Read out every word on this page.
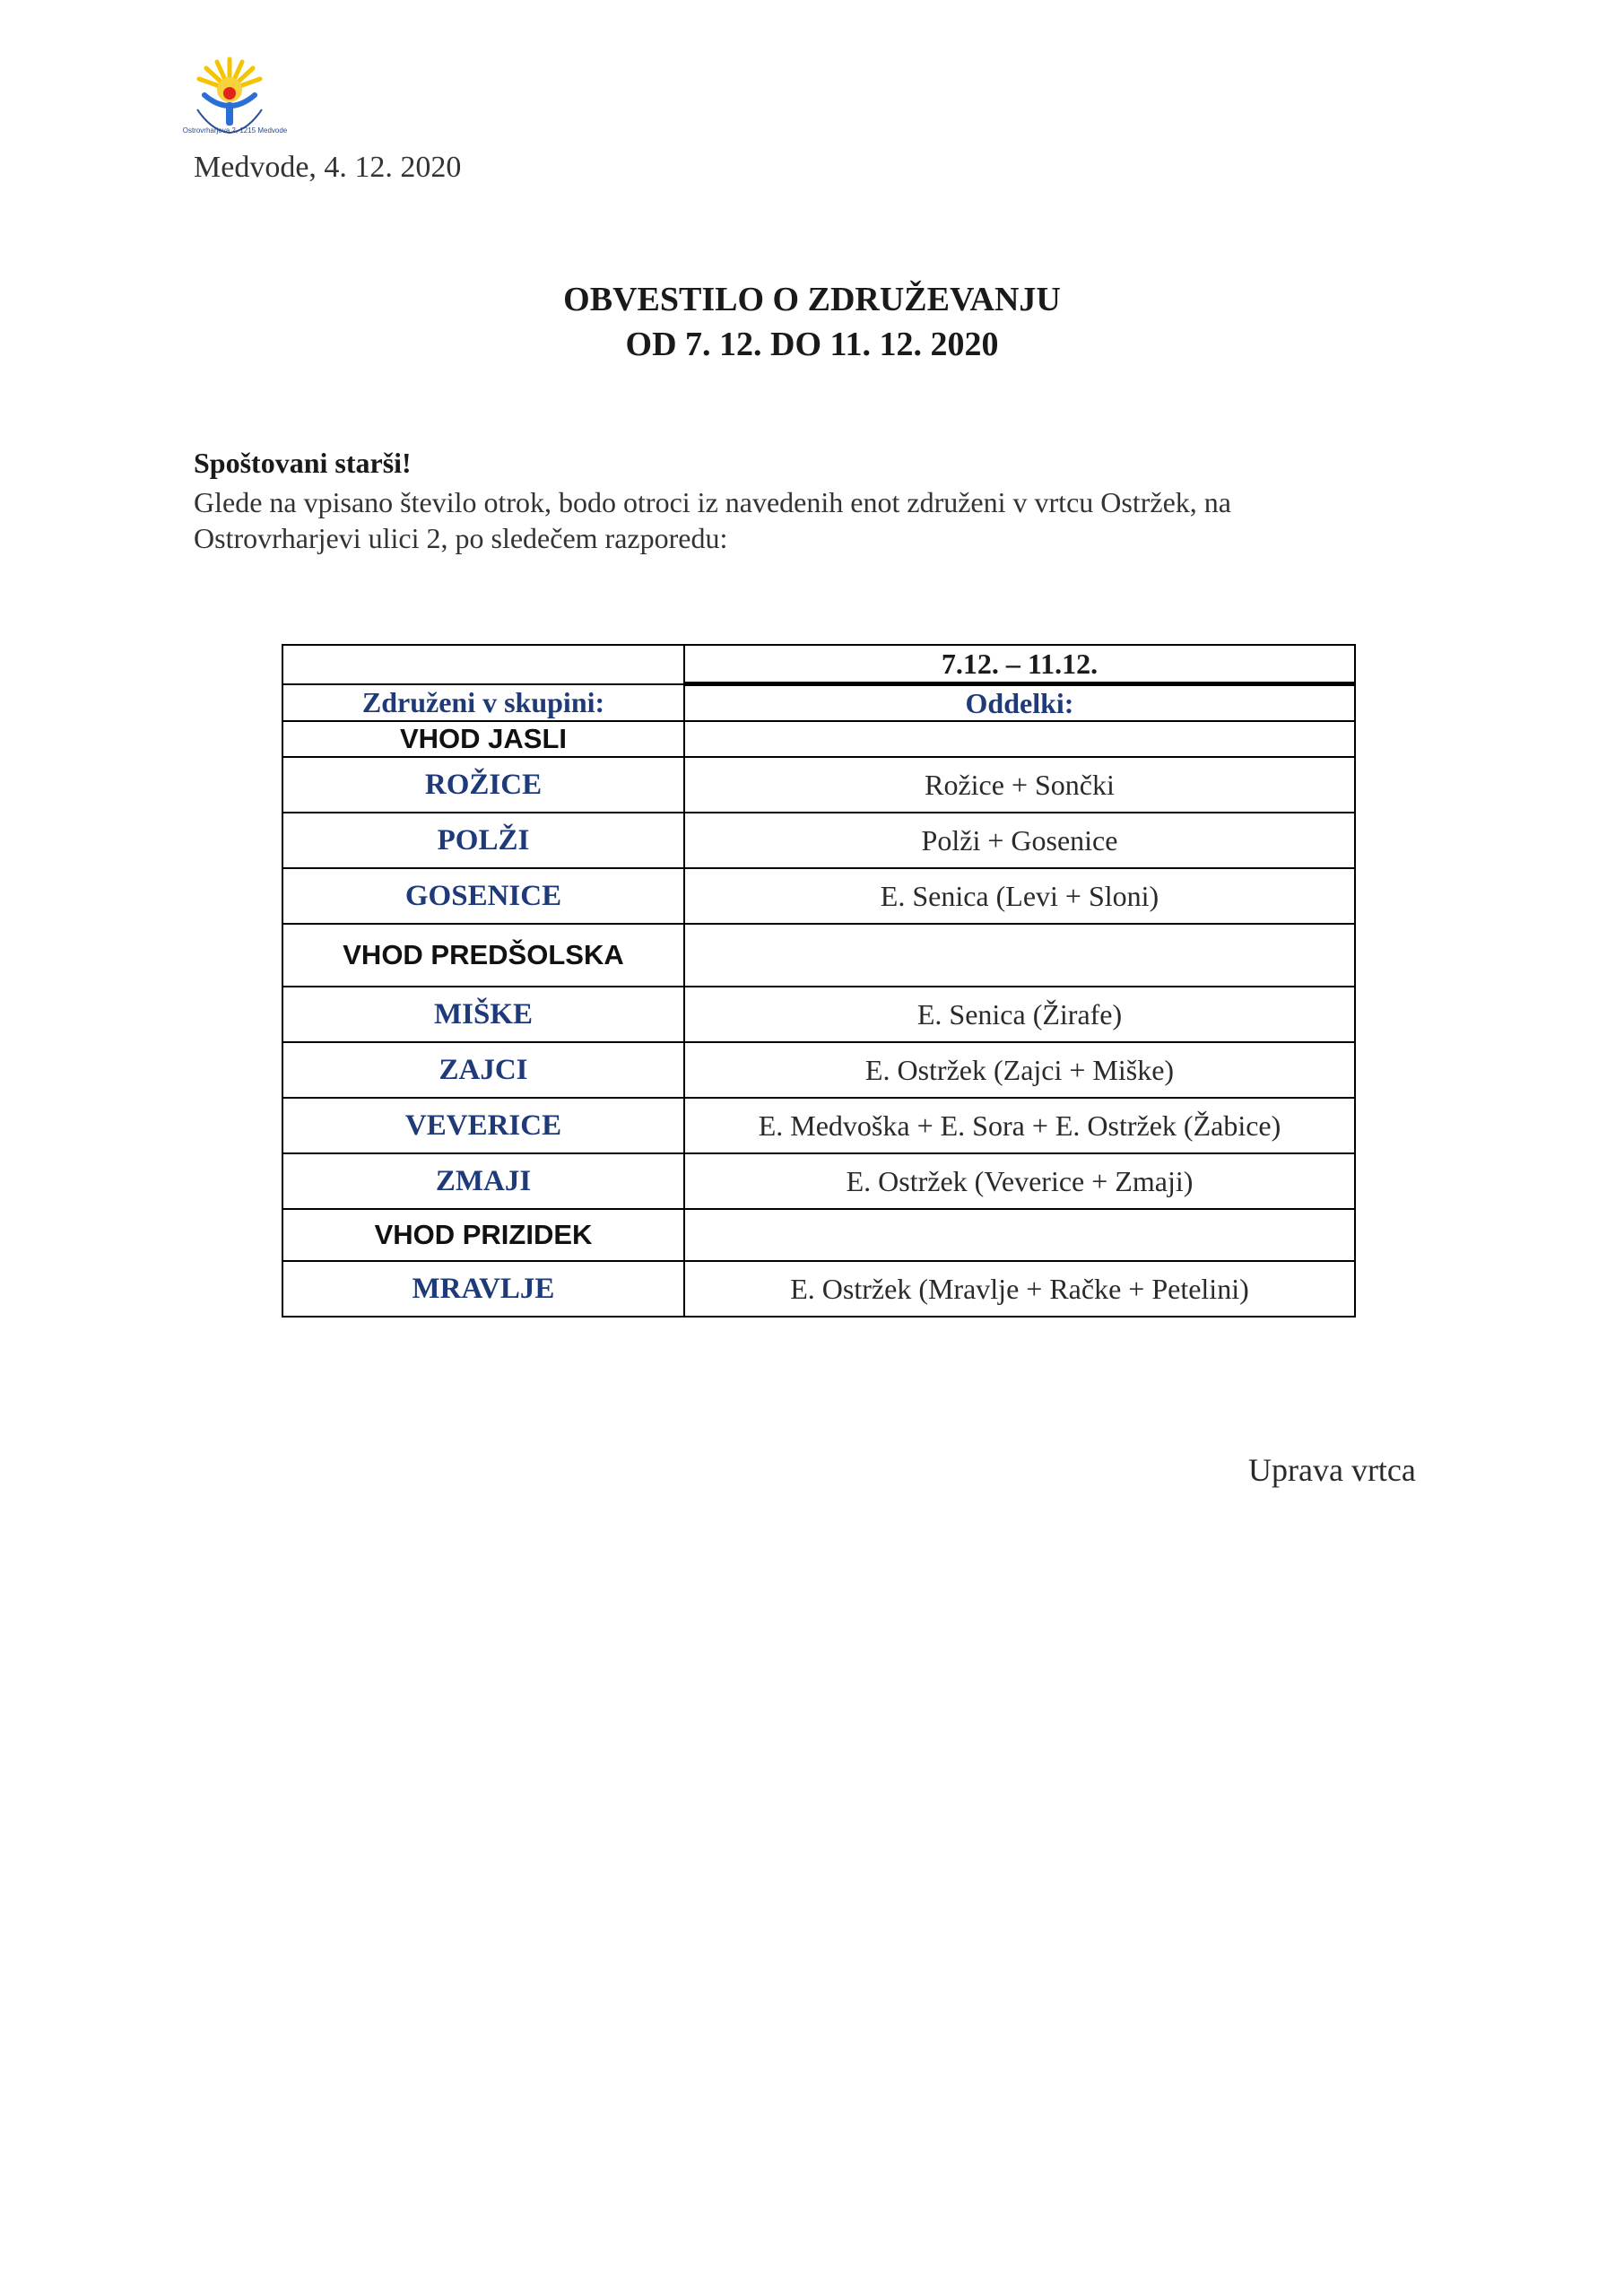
Ostrovrharjeva 2, 1215 Medvode
Medvode, 4. 12. 2020
OBVESTILO O ZDRUŽEVANJU
OD 7. 12. DO 11. 12. 2020
Spoštovani starši!
Glede na vpisano število otrok, bodo otroci iz navedenih enot združeni v vrtcu Ostržek, na
Ostrovrharjevi ulici 2, po sledečem razporedu:
	7.12. – 11.12.
Združeni v skupini:	Oddelki:
VHOD JASLI	
ROŽICE	Rožice + Sončki
POLŽI	Polži + Gosenice
GOSENICE	E. Senica (Levi + Sloni)
VHOD PREDŠOLSKA	
MIŠKE	E. Senica (Žirafe)
ZAJCI	E. Ostržek (Zajci + Miške)
VEVERICE	E. Medvoška + E. Sora + E. Ostržek (Žabice)
ZMAJI	E. Ostržek (Veverice + Zmaji)
VHOD PRIZIDEK	
MRAVLJE	E. Ostržek (Mravlje + Račke + Petelini)
Uprava vrtca
